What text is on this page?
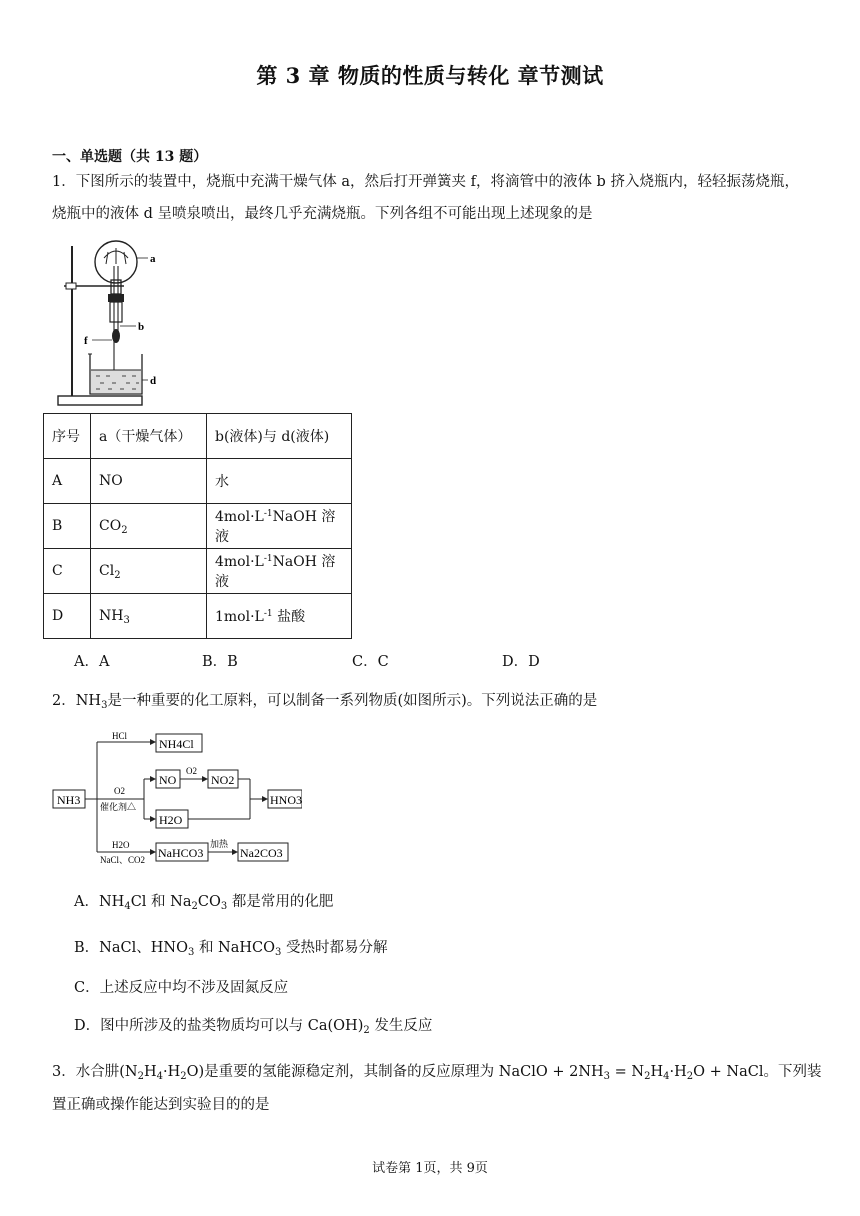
第 3 章 物质的性质与转化 章节测试
一、单选题（共 13 题）
1．下图所示的装置中，烧瓶中充满干燥气体 a，然后打开弹簧夹 f，将滴管中的液体 b 挤入烧瓶内，轻轻振荡烧瓶，
烧瓶中的液体 d 呈喷泉喷出，最终几乎充满烧瓶。下列各组不可能出现上述现象的是
a
b
f
d
序号	a（干燥气体）	b(液体)与 d(液体)
A	NO	水
B	$CO_2$	$4mol\cdot L^{-1}NaOH$ 溶液
C	$Cl_2$	$4mol\cdot L^{-1}NaOH$ 溶液
D	$NH_3$	$1mol\cdot L^{-1}$ 盐酸
A．A	B．B	C．C	D．D
2．$NH_3$是一种重要的化工原料，可以制备一系列物质(如图所示)。下列说法正确的是
NH3
HCl
NH4Cl
O2
催化剂△
NO
O2
NO2
H2O
HNO3
H2O
NaCl、CO2 NaHCO3
加热
Na2CO3
A．$NH_4Cl$ 和 $Na_2CO_3$ 都是常用的化肥
B．NaCl、$HNO_3$ 和 NaHCO$_3$ 受热时都易分解
C．上述反应中均不涉及固氮反应
D．图中所涉及的盐类物质均可以与 $Ca(OH)_2$ 发生反应
3．水合肼$(N_2H_4\cdot H_2O)$是重要的氢能源稳定剂，其制备的反应原理为 NaClO + $2NH_3 = N_2H_4\cdot H_2O$ + NaCl。下列装
置正确或操作能达到实验目的的是
试卷第 1页，共 9页
